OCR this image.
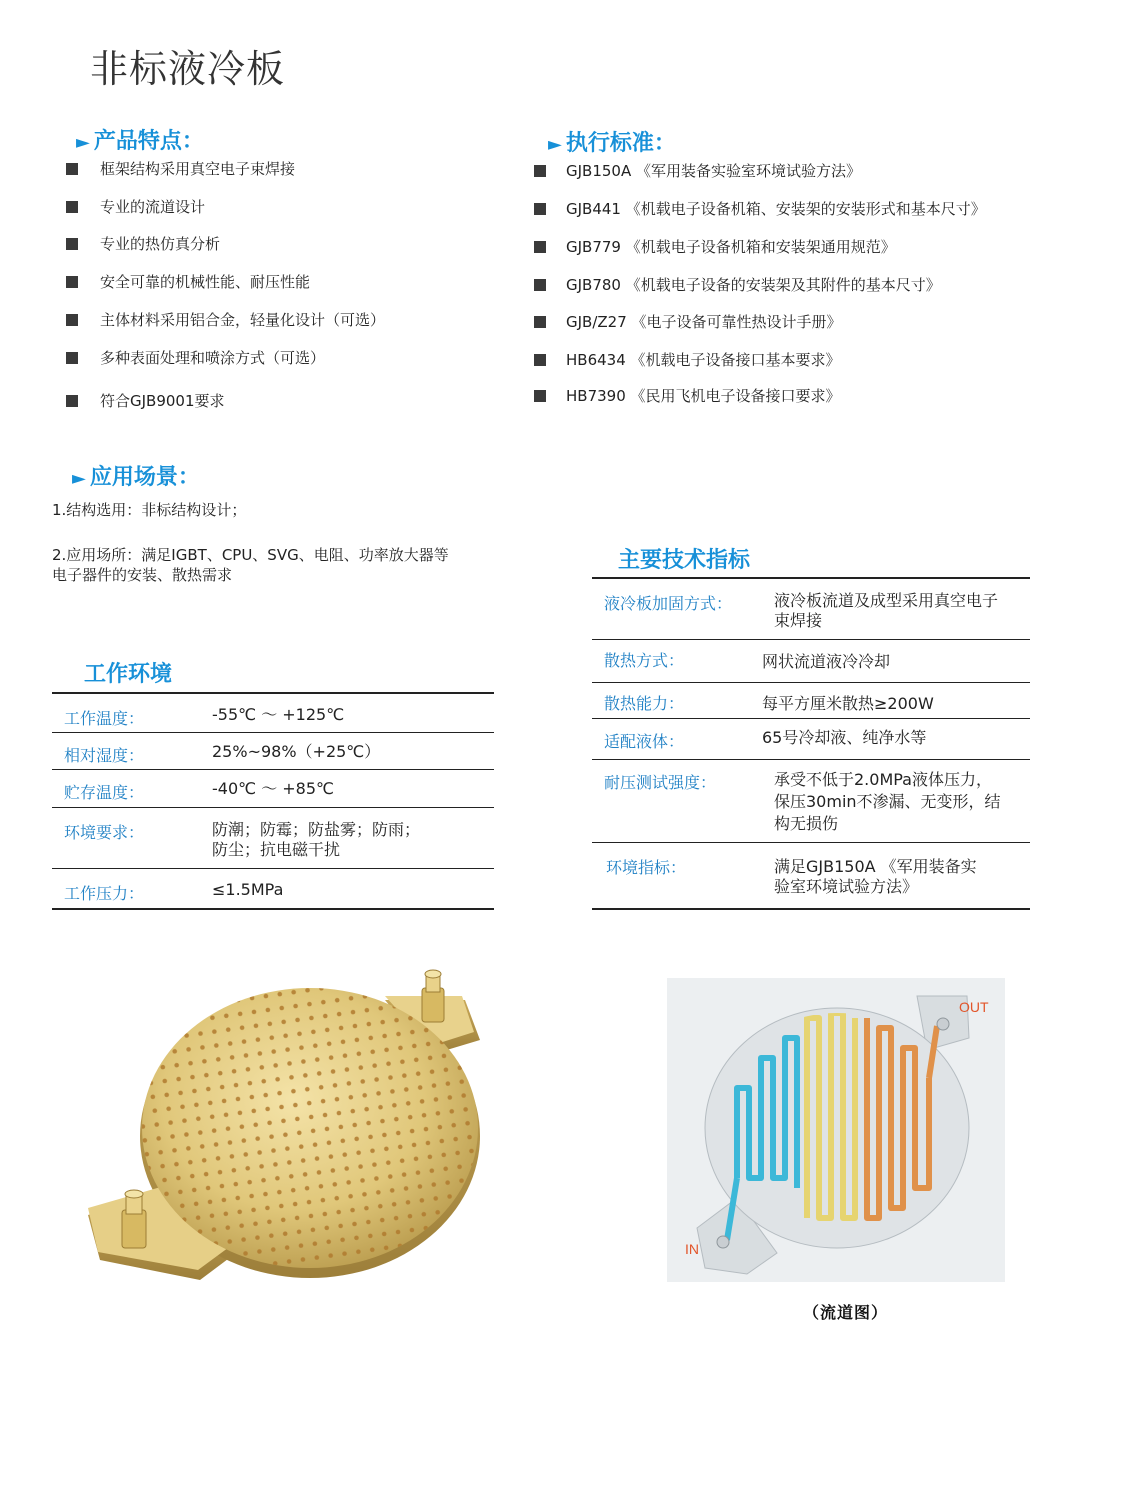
非标液冷板
► 产品特点：
框架结构采用真空电子束焊接
专业的流道设计
专业的热仿真分析
安全可靠的机械性能、耐压性能
主体材料采用铝合金，轻量化设计（可选）
多种表面处理和喷涂方式（可选）
符合GJB9001要求
► 执行标准：
GJB150A 《军用装备实验室环境试验方法》
GJB441 《机载电子设备机箱、安装架的安装形式和基本尺寸》
GJB779 《机载电子设备机箱和安装架通用规范》
GJB780 《机载电子设备的安装架及其附件的基本尺寸》
GJB/Z27 《电子设备可靠性热设计手册》
HB6434 《机载电子设备接口基本要求》
HB7390 《民用飞机电子设备接口要求》
► 应用场景：
1.结构选用：非标结构设计；
2.应用场所：满足IGBT、CPU、SVG、电阻、功率放大器等
电子器件的安装、散热需求
工作环境
工作温度：	-55℃ ～ +125℃
相对湿度：	25%~98%（+25℃）
贮存温度：	-40℃ ～ +85℃
环境要求：	防潮；防霉；防盐雾；防雨；
防尘；抗电磁干扰
工作压力：	≤1.5MPa
主要技术指标
液冷板加固方式：	液冷板流道及成型采用真空电子
束焊接
散热方式：	网状流道液冷冷却
散热能力：	每平方厘米散热≥200W
适配液体：	65号冷却液、纯净水等
耐压测试强度：	承受不低于2.0MPa液体压力，
保压30min不渗漏、无变形，结
构无损伤
环境指标：	满足GJB150A 《军用装备实
验室环境试验方法》
OUT
IN
（流道图）
